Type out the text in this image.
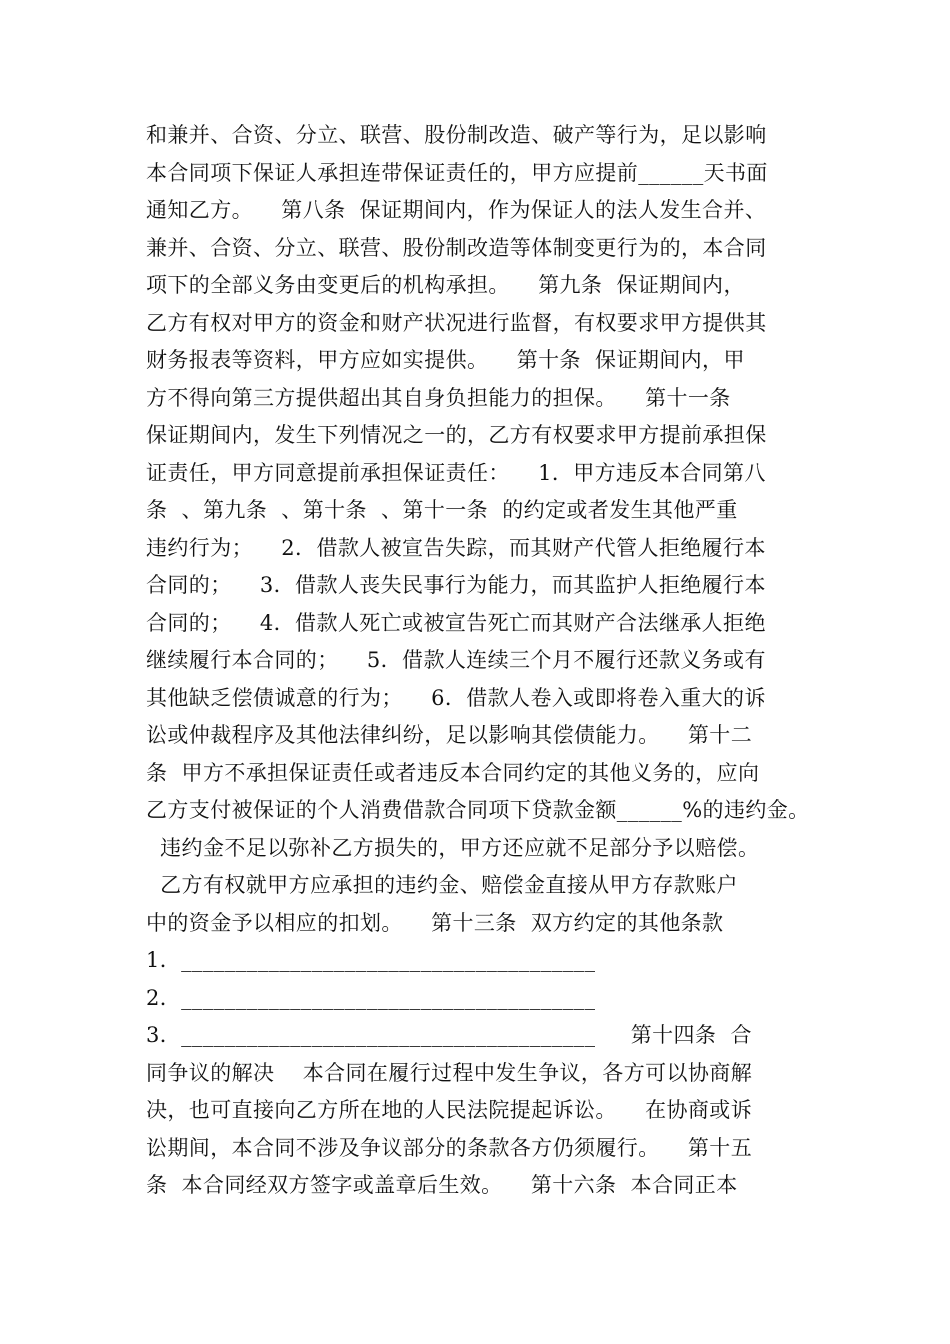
和兼并、合资、分立、联营、股份制改造、破产等行为，足以影响
本合同项下保证人承担连带保证责任的，甲方应提前______天书面
通知乙方。    第八条  保证期间内，作为保证人的法人发生合并、
兼并、合资、分立、联营、股份制改造等体制变更行为的，本合同
项下的全部义务由变更后的机构承担。    第九条  保证期间内，
乙方有权对甲方的资金和财产状况进行监督，有权要求甲方提供其
财务报表等资料，甲方应如实提供。    第十条  保证期间内，甲
方不得向第三方提供超出其自身负担能力的担保。    第十一条
保证期间内，发生下列情况之一的，乙方有权要求甲方提前承担保
证责任，甲方同意提前承担保证责任：    1．甲方违反本合同第八
条  、第九条  、第十条  、第十一条  的约定或者发生其他严重
违约行为；    2．借款人被宣告失踪，而其财产代管人拒绝履行本
合同的；    3．借款人丧失民事行为能力，而其监护人拒绝履行本
合同的；    4．借款人死亡或被宣告死亡而其财产合法继承人拒绝
继续履行本合同的；    5．借款人连续三个月不履行还款义务或有
其他缺乏偿债诚意的行为；    6．借款人卷入或即将卷入重大的诉
讼或仲裁程序及其他法律纠纷，足以影响其偿债能力。    第十二
条  甲方不承担保证责任或者违反本合同约定的其他义务的，应向
乙方支付被保证的个人消费借款合同项下贷款金额______%的违约金。
违约金不足以弥补乙方损失的，甲方还应就不足部分予以赔偿。
乙方有权就甲方应承担的违约金、赔偿金直接从甲方存款账户
中的资金予以相应的扣划。    第十三条  双方约定的其他条款
1．______________________________________
2．______________________________________
3．______________________________________     第十四条  合
同争议的解决    本合同在履行过程中发生争议，各方可以协商解
决，也可直接向乙方所在地的人民法院提起诉讼。    在协商或诉
讼期间，本合同不涉及争议部分的条款各方仍须履行。    第十五
条  本合同经双方签字或盖章后生效。    第十六条  本合同正本
